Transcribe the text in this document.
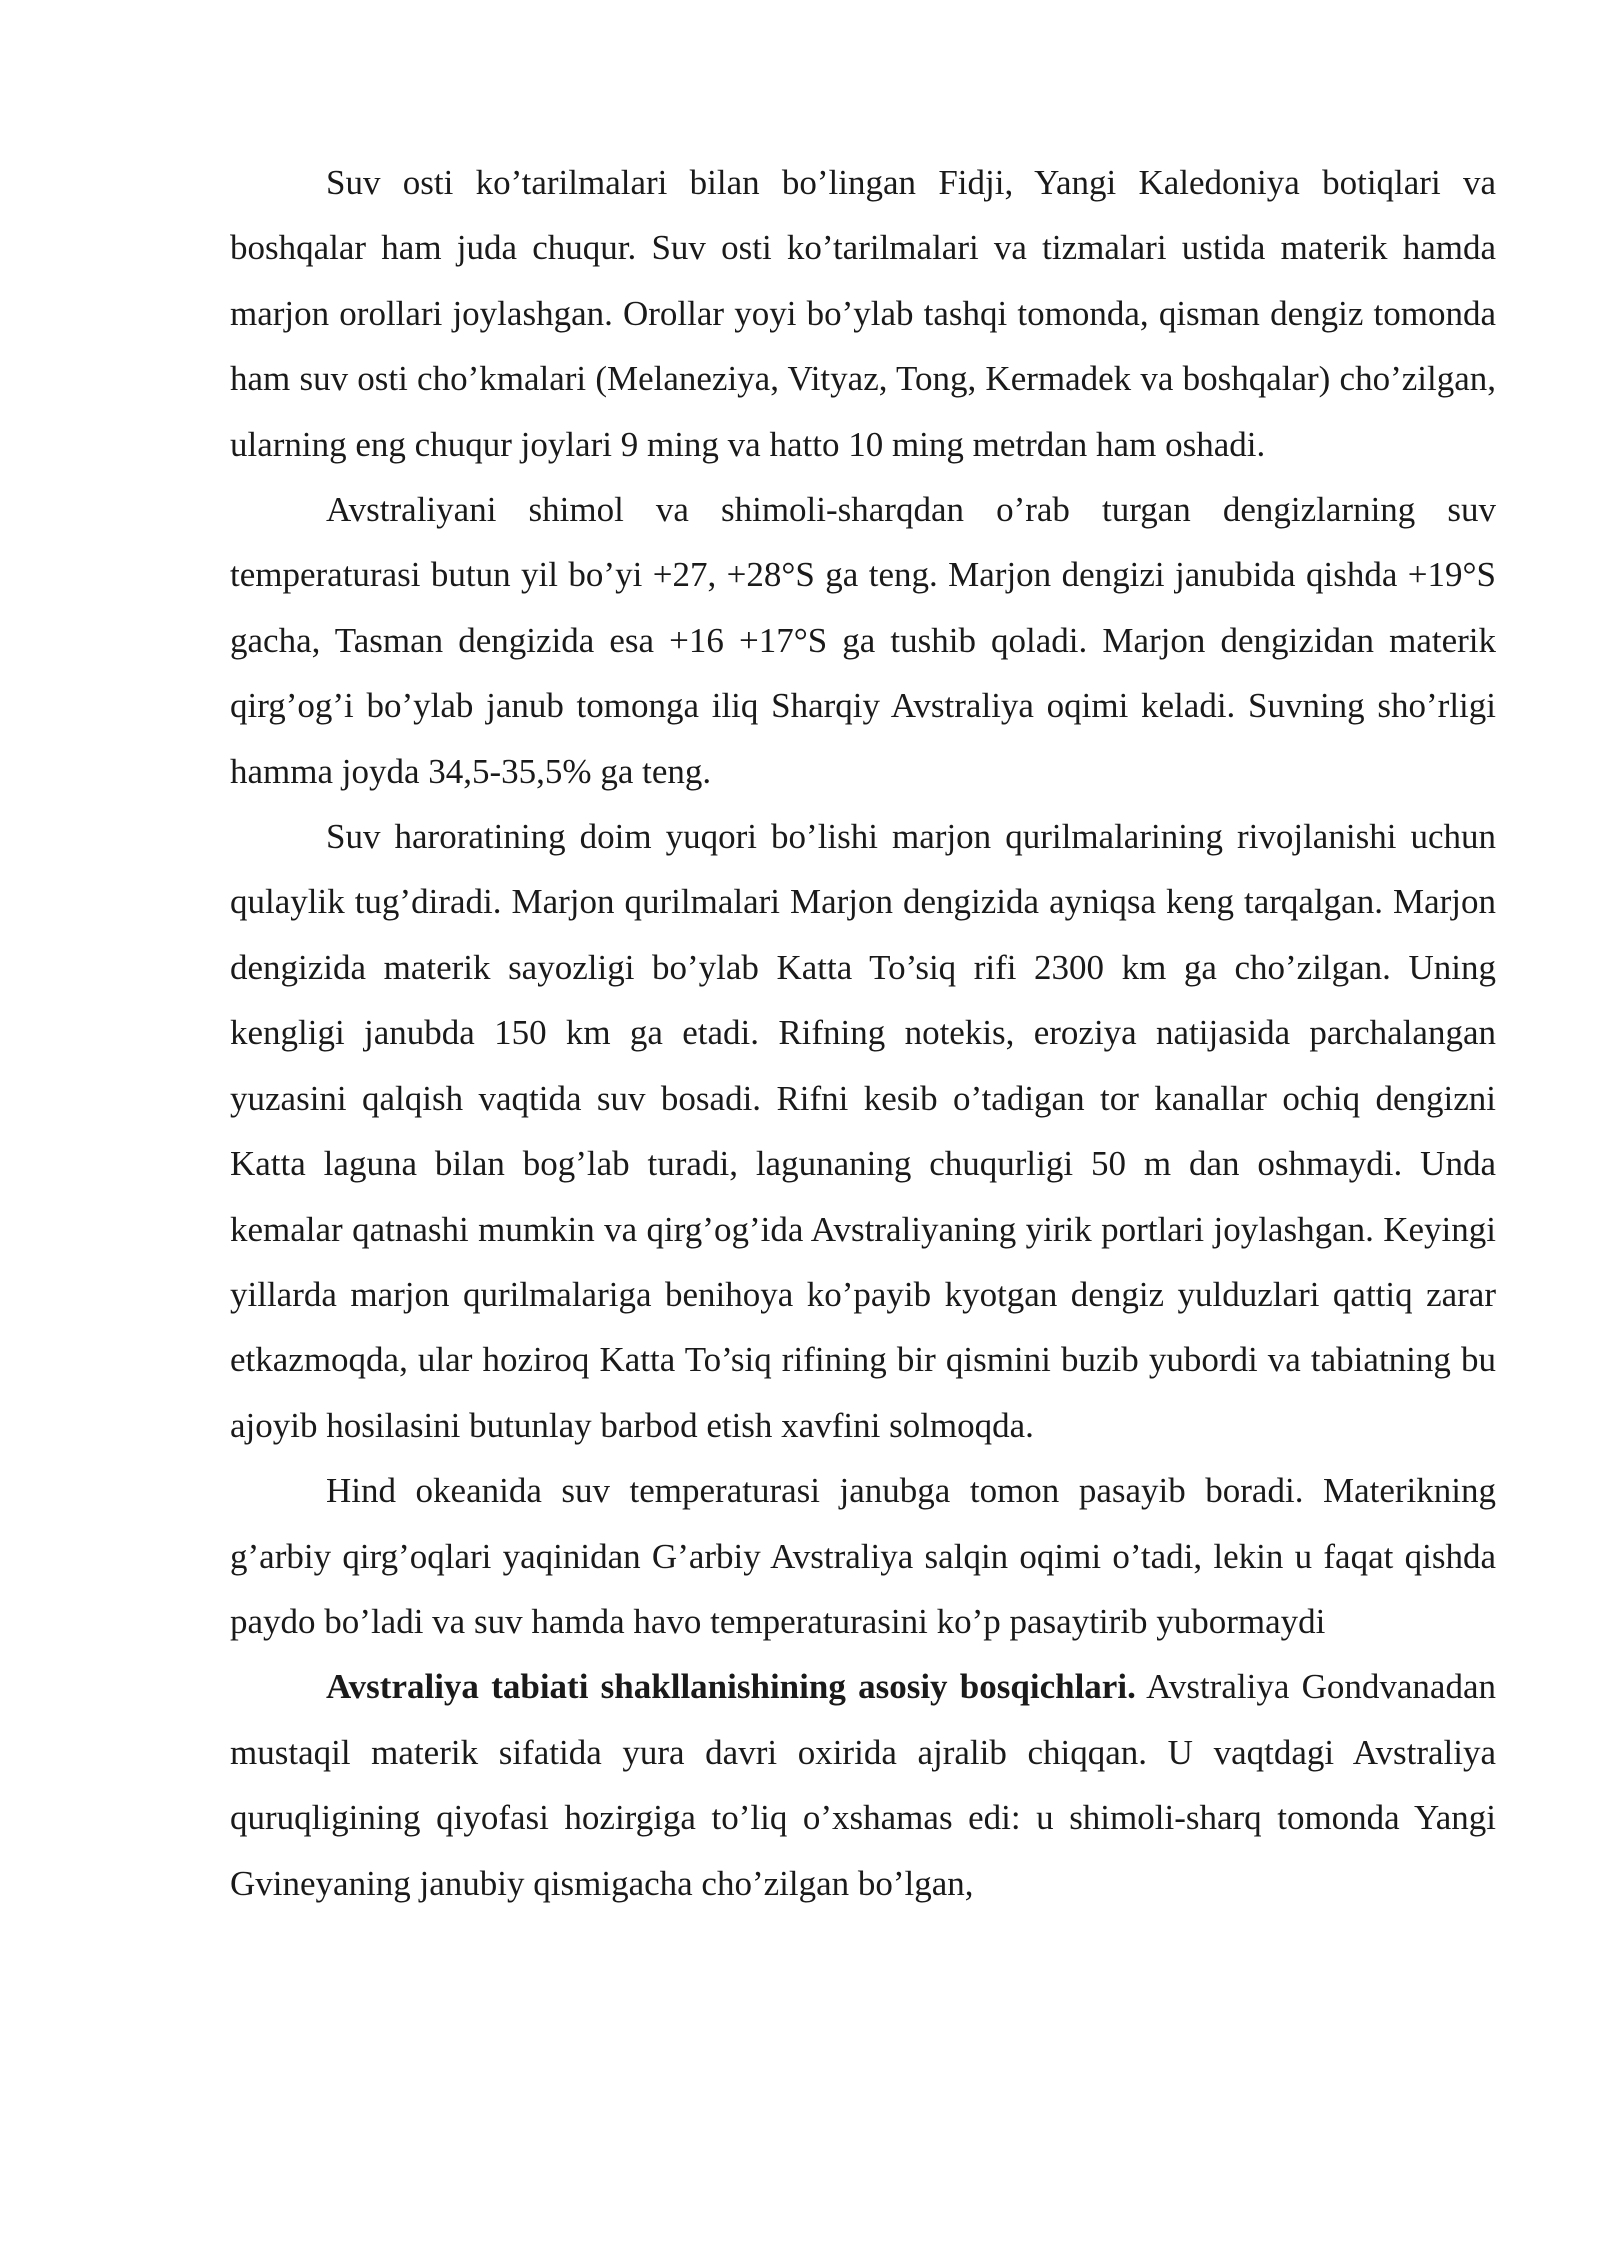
Suv osti ko’tarilmalari bilan bo’lingan Fidji, Yangi Kaledoniya botiqlari va boshqalar ham juda chuqur. Suv osti ko’tarilmalari va tizmalari ustida materik hamda marjon orollari joylashgan. Orollar yoyi bo’ylab tashqi tomonda, qisman dengiz tomonda ham suv osti cho’kmalari (Melaneziya, Vityaz, Tong, Kermadek va boshqalar) cho’zilgan, ularning eng chuqur joylari 9 ming va hatto 10 ming metrdan ham oshadi.

Avstraliyani shimol va shimoli-sharqdan o’rab turgan dengizlarning suv temperaturasi butun yil bo’yi +27, +28°S ga teng. Marjon dengizi janubida qishda +19°S gacha, Tasman dengizida esa +16 +17°S ga tushib qoladi. Marjon dengizidan materik qirg’og’i bo’ylab janub tomonga iliq Sharqiy Avstraliya oqimi keladi. Suvning sho’rligi hamma joyda 34,5-35,5% ga teng.

Suv haroratining doim yuqori bo’lishi marjon qurilmalarining rivojlanishi uchun qulaylik tug’diradi. Marjon qurilmalari Marjon dengizida ayniqsa keng tarqalgan. Marjon dengizida materik sayozligi bo’ylab Katta To’siq rifi 2300 km ga cho’zilgan. Uning kengligi janubda 150 km ga etadi. Rifning notekis, eroziya natijasida parchalangan yuzasini qalqish vaqtida suv bosadi. Rifni kesib o’tadigan tor kanallar ochiq dengizni Katta laguna bilan bog’lab turadi, lagunaning chuqurligi 50 m dan oshmaydi. Unda kemalar qatnashi mumkin va qirg’og’ida Avstraliyaning yirik portlari joylashgan. Keyingi yillarda marjon qurilmalariga benihoya ko’payib kyotgan dengiz yulduzlari qattiq zarar etkazmoqda, ular hoziroq Katta To’siq rifining bir qismini buzib yubordi va tabiatning bu ajoyib hosilasini butunlay barbod etish xavfini solmoqda.

Hind okeanida suv temperaturasi janubga tomon pasayib boradi. Materikning g’arbiy qirg’oqlari yaqinidan G’arbiy Avstraliya salqin oqimi o’tadi, lekin u faqat qishda paydo bo’ladi va suv hamda havo temperaturasini ko’p pasaytirib yubormaydi

Avstraliya tabiati shakllanishining asosiy bosqichlari. Avstraliya Gondvanadan mustaqil materik sifatida yura davri oxirida ajralib chiqqan. U vaqtdagi Avstraliya quruqligining qiyofasi hozirgiga to’liq o’xshamas edi: u shimoli-sharq tomonda Yangi Gvineyaning janubiy qismigacha cho’zilgan bo’lgan,
